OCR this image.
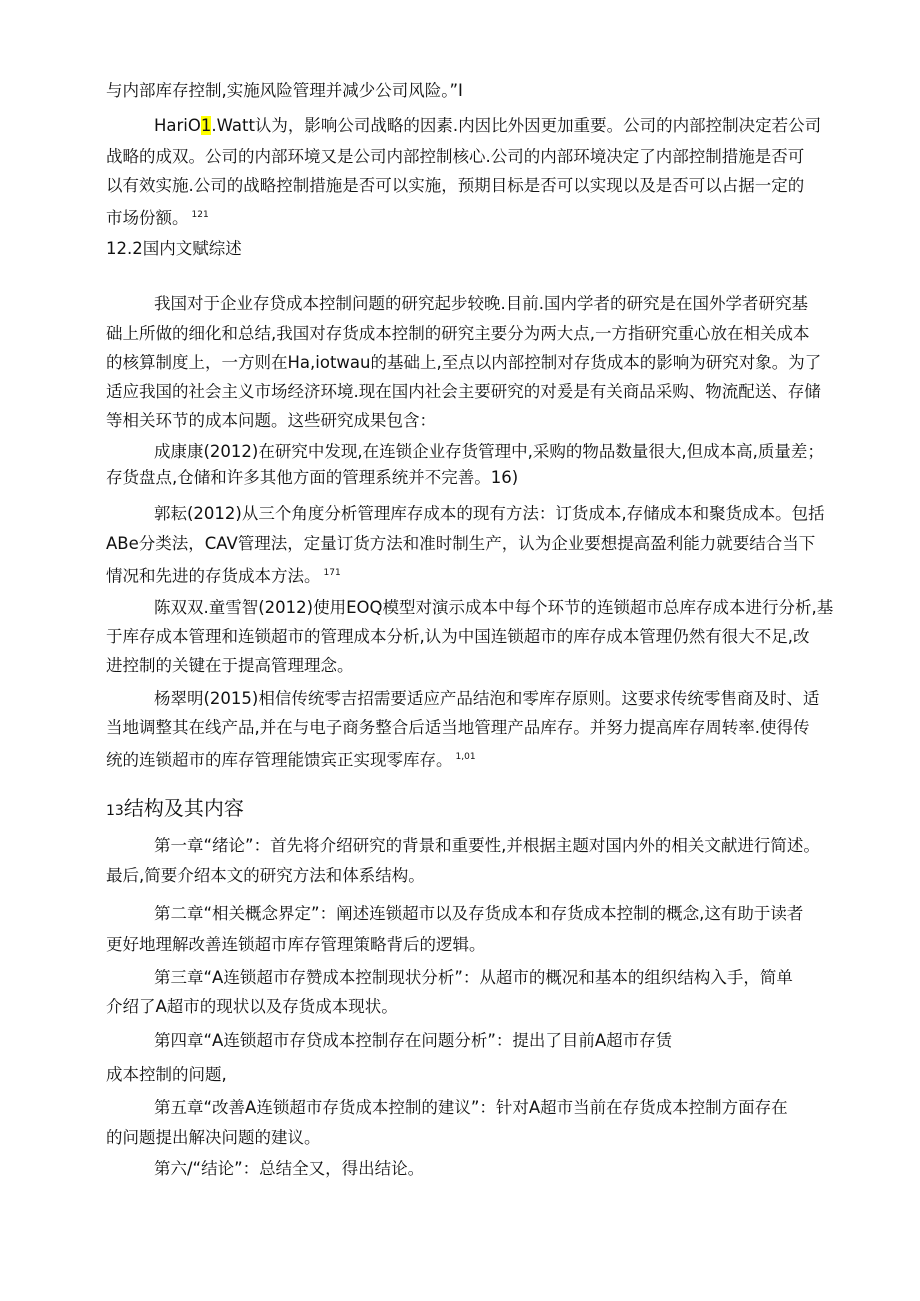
与内部库存控制,实施风险管理并减少公司风险。”I
HariO1.Watt认为，影响公司战略的因素.内因比外因更加重要。公司的内部控制决定若公司
战略的成双。公司的内部环境又是公司内部控制核心.公司的内部环境决定了内部控制措施是否可
以有效实施.公司的战略控制措施是否可以实施，预期目标是否可以实现以及是否可以占据一定的
市场份额。 $^{121}$
12.2国内文赋综述
我国对于企业存贷成本控制问题的研究起步较晚.目前.国内学者的研究是在国外学者研究基
础上所做的细化和总结,我国对存货成本控制的研究主要分为两大点,一方指研究重心放在相关成本
的核算制度上，一方则在Ha,iotwau的基础上,至点以内部控制对存货成本的影响为研究对象。为了
适应我国的社会主义市场经济环境.现在国内社会主要研究的对爰是有关商品采购、物流配送、存储
等相关环节的成本问题。这些研究成果包含：
成康康(2012)在研究中发现,在连锁企业存货管理中,采购的物品数量很大,但成本高,质量差；
存货盘点,仓储和许多其他方面的管理系统并不完善。16)
郭耘(2012)从三个角度分析管理库存成本的现有方法：订货成本,存储成本和聚货成本。包括
ABe分类法，CAV管理法，定量订货方法和准时制生产，认为企业要想提高盈利能力就要结合当下
情况和先进的存货成本方法。 $^{171}$
陈双双.童雪智(2012)使用EOQ模型对演示成本中每个环节的连锁超市总库存成本进行分析,基
于库存成本管理和连锁超市的管理成本分析,认为中国连锁超市的库存成本管理仍然有很大不足,改
进控制的关键在于提高管理理念。
杨翠明(2015)相信传统零吉招需要适应产品结泡和零库存原则。这要求传统零售商及时、适
当地调整其在线产品,并在与电子商务整合后适当地管理产品库存。并努力提高库存周转率.使得传
统的连锁超市的库存管理能馈宾正实现零库存。 $^{1,01}$
13结构及其内容
第一章“绪论”：首先将介绍研究的背景和重要性,并根据主题对国内外的相关文献进行简述。
最后,简要介绍本文的研究方法和体系结构。
第二章“相关概念界定”：阐述连锁超市以及存货成本和存货成本控制的概念,这有助于读者
更好地理解改善连锁超市库存管理策略背后的逻辑。
第三章“A连锁超市存赞成本控制现状分析”：从超市的概况和基本的组织结构入手，简单
介绍了A超市的现状以及存货成本现状。
第四章“A连锁超市存贷成本控制存在问题分析”：提出了目前A超市存赁
成本控制的问题,
第五章“改善A连锁超市存货成本控制的建议”：针对A超市当前在存货成本控制方面存在
的问题提出解决问题的建议。
第六/“结论”：总结全又，得出结论。
